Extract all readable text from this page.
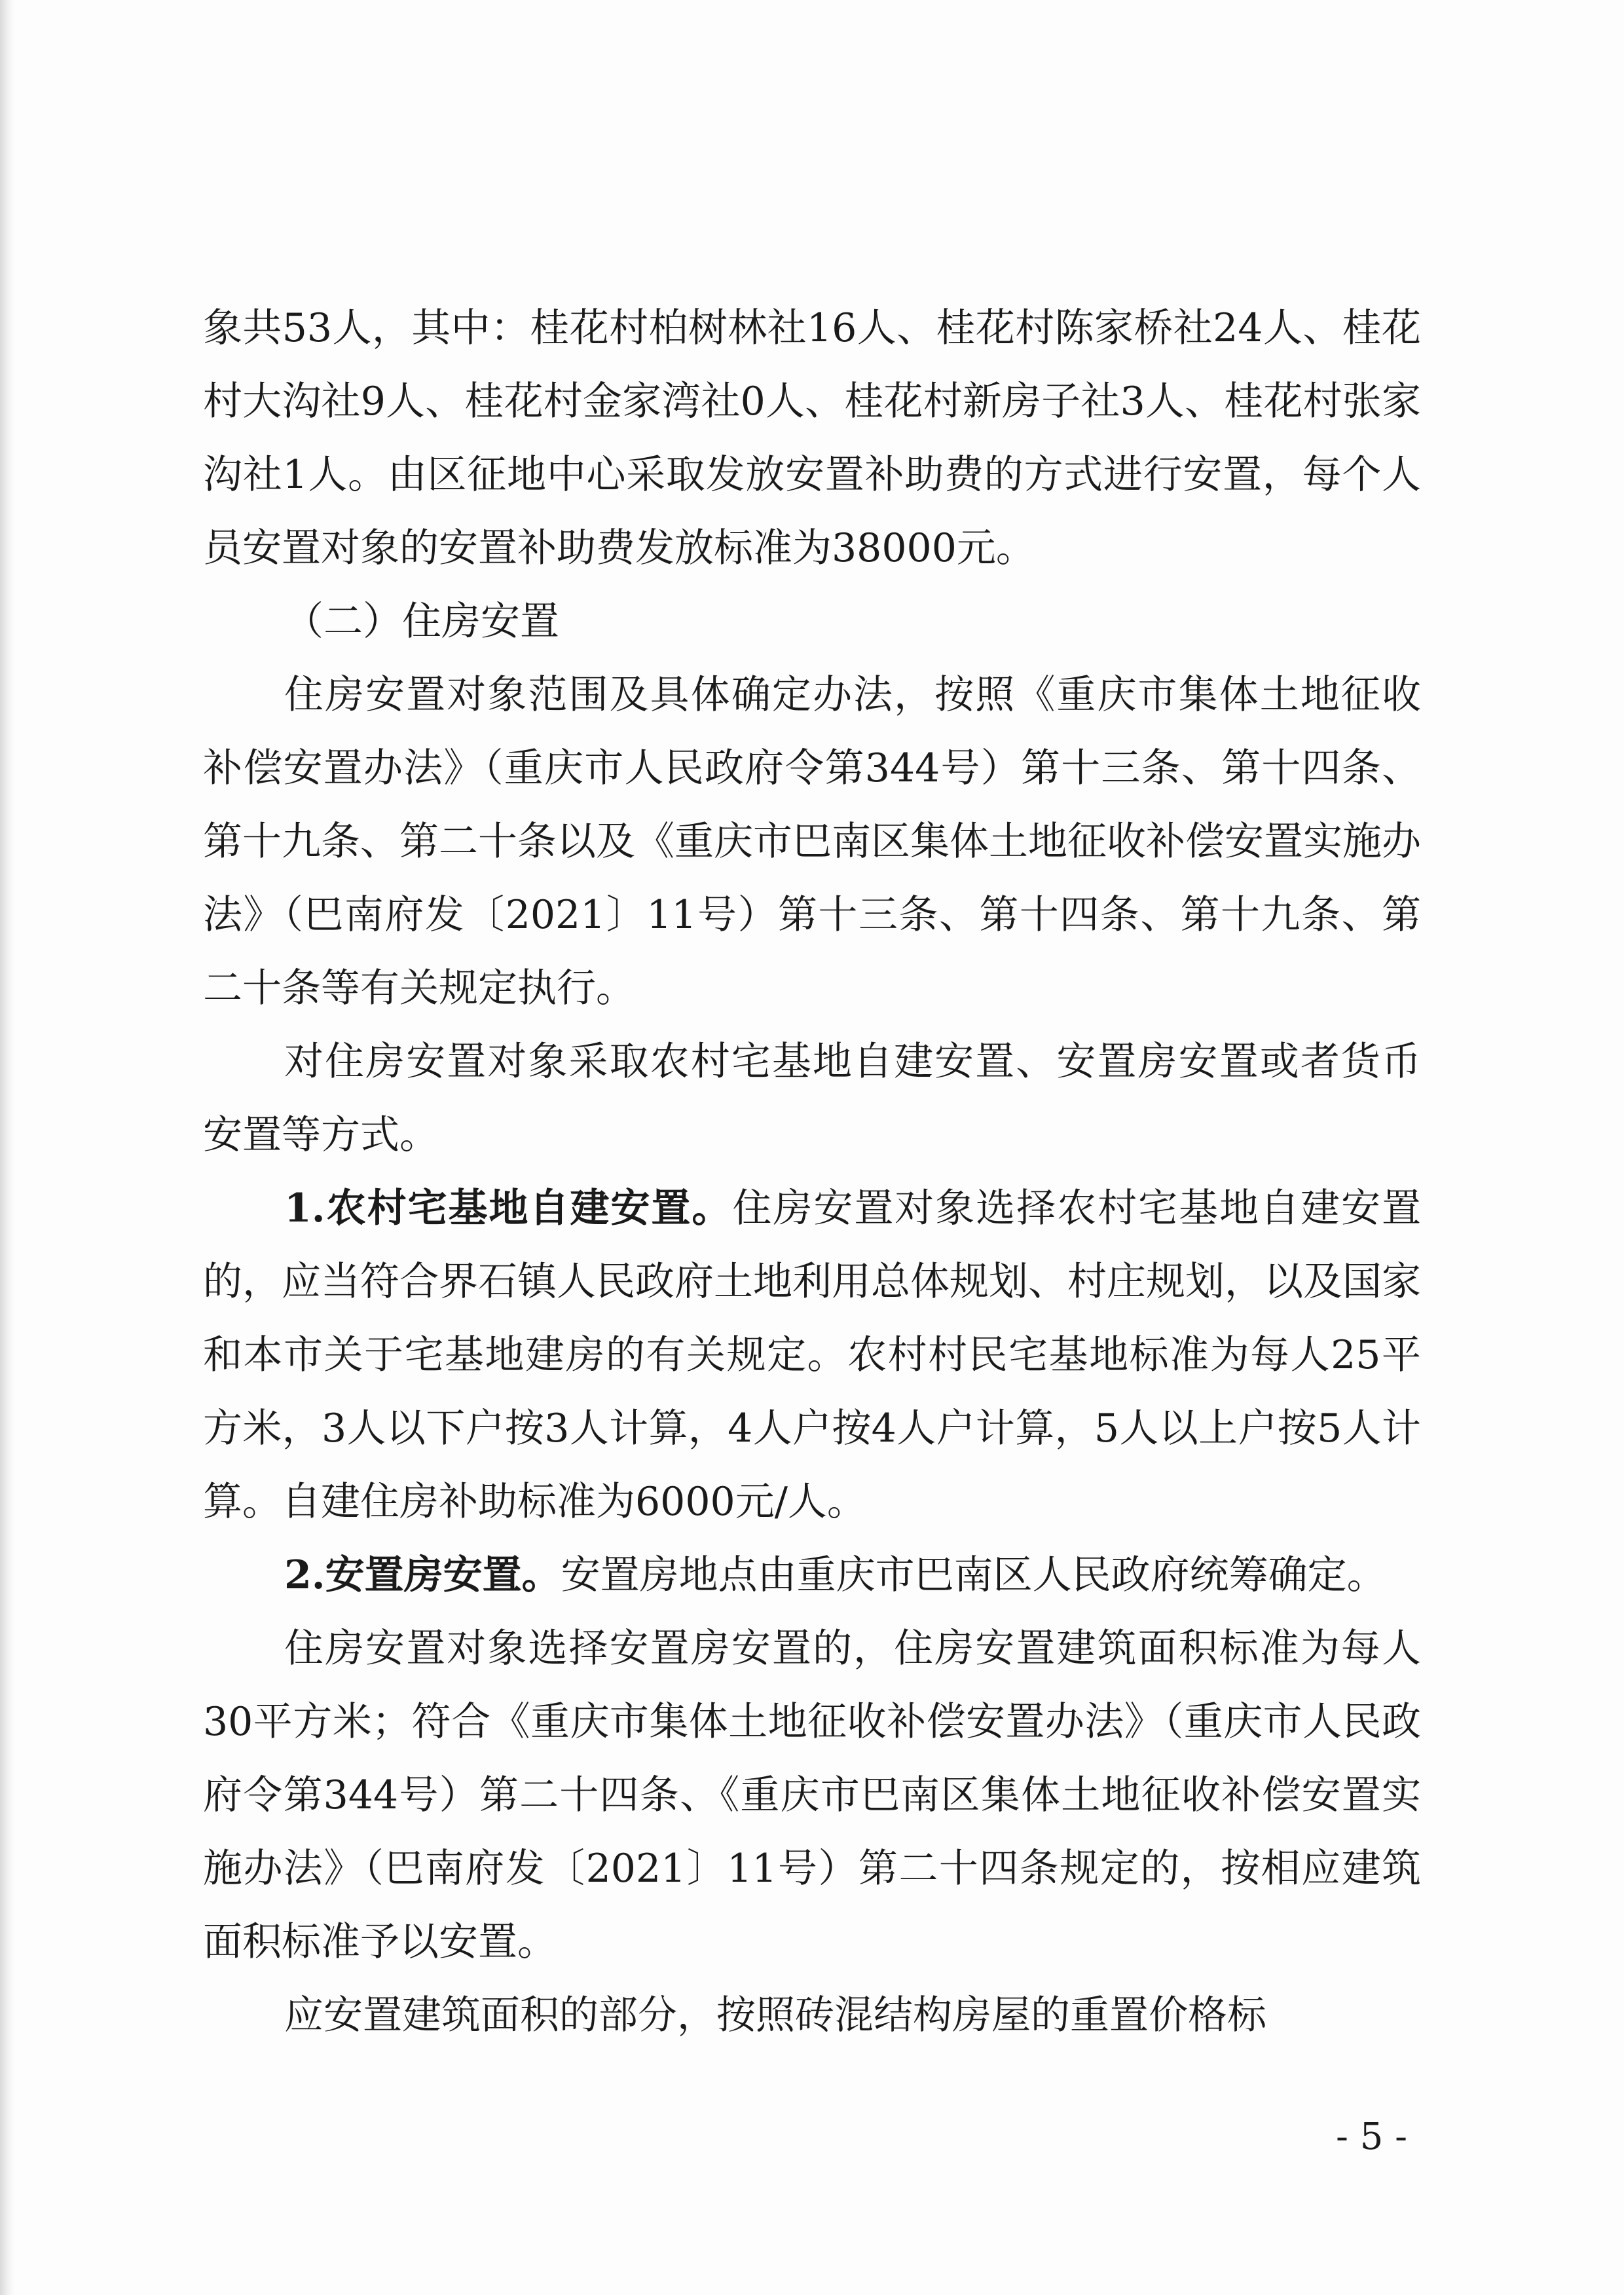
象共53人，其中：桂花村柏树林社16人、桂花村陈家桥社24人、桂花村大沟社9人、桂花村金家湾社0人、桂花村新房子社3人、桂花村张家沟社1人。由区征地中心采取发放安置补助费的方式进行安置，每个人员安置对象的安置补助费发放标准为38000元。

（二）住房安置

住房安置对象范围及具体确定办法，按照《重庆市集体土地征收补偿安置办法》（重庆市人民政府令第344号）第十三条、第十四条、第十九条、第二十条以及《重庆市巴南区集体土地征收补偿安置实施办法》（巴南府发〔2021〕11号）第十三条、第十四条、第十九条、第二十条等有关规定执行。

对住房安置对象采取农村宅基地自建安置、安置房安置或者货币安置等方式。

1.农村宅基地自建安置。住房安置对象选择农村宅基地自建安置的，应当符合界石镇人民政府土地利用总体规划、村庄规划，以及国家和本市关于宅基地建房的有关规定。农村村民宅基地标准为每人25平方米，3人以下户按3人计算，4人户按4人户计算，5人以上户按5人计算。自建住房补助标准为6000元/人。

2.安置房安置。安置房地点由重庆市巴南区人民政府统筹确定。

住房安置对象选择安置房安置的，住房安置建筑面积标准为每人30平方米；符合《重庆市集体土地征收补偿安置办法》（重庆市人民政府令第344号）第二十四条、《重庆市巴南区集体土地征收补偿安置实施办法》（巴南府发〔2021〕11号）第二十四条规定的，按相应建筑面积标准予以安置。

应安置建筑面积的部分，按照砖混结构房屋的重置价格标

- 5 -
